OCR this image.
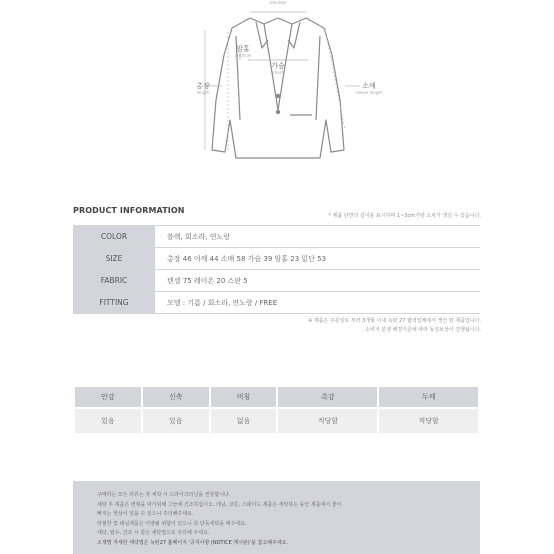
shoulder
암홀
armhole
가슴
chest
총장
length
소매
sleeve length
PRODUCT INFORMATION
* 제품 단면의 길이를 표시하며 1~3cm가량 오차가 생길 수 있습니다.
COLOR	블랙, 회소라, 연노랑
SIZE	총장 46 어깨 44 소매 58 가슴 39 암홀 23 밑단 53
FABRIC	텐셀 75 레이온 20 스판 5
FITTING	모델 : 기름 / 회소라, 연노랑 / FREE
※ 제품은 주문일로 부터 3개월 이내 녹턴 27 협력업체에서 생산 된 제품입니다.
소비자 분쟁 해결기준에 따라 동일보상이 진행됩니다.
안감	신축	비침	촉감	두께
있음	있음	없음	적당함	적당함
구매하는 모든 의류는 첫 세탁 시 드라이크리닝을 권장합니다.
세탁 후 제품은 변형을 막기위해 그늘에 건조하십시오. 데님, 코튼, 스웨이드 제품은 세탁하는 동안 제품에서 물이
빠지는 현상이 있을 수 있으니 주의해주세요.
탁월한 및 데님제품은 이염될 위험이 있으니 꼭 단독세탁을 해주세요.
세탁, 탈수, 건조 시 같은 세탁법으로 주의해 주세요.
소재별 자세한 세탁법은 녹턴27 홈페이지 '공지사항 (NOTICE 게시판)'을 참고해주세요.
